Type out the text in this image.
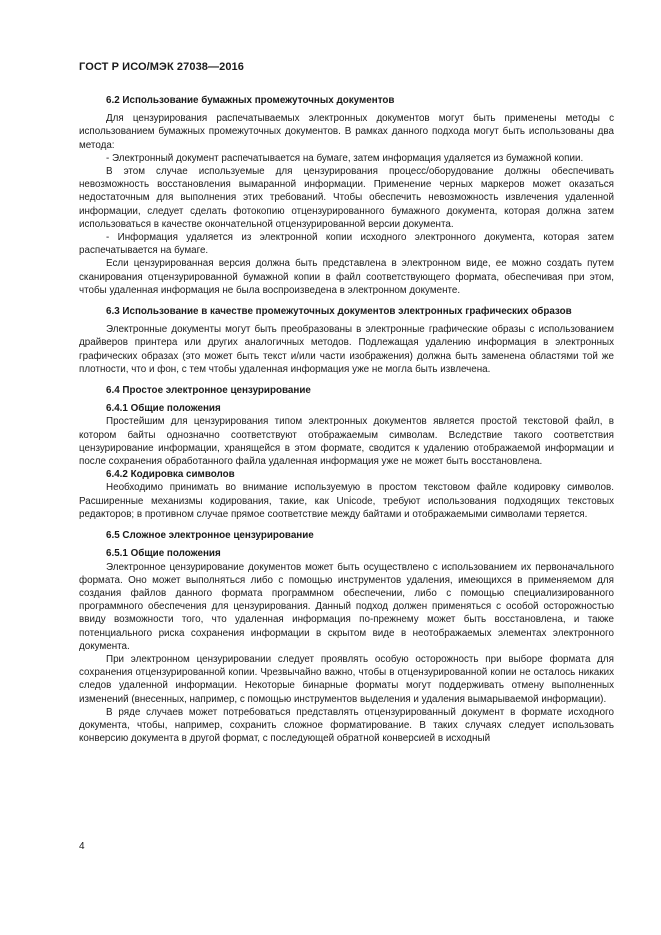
ГОСТ Р ИСО/МЭК 27038—2016

6.2 Использование бумажных промежуточных документов

Для цензурирования распечатываемых электронных документов могут быть применены методы с использованием бумажных промежуточных документов. В рамках данного подхода могут быть использованы два метода:

- Электронный документ распечатывается на бумаге, затем информация удаляется из бумажной копии.

В этом случае используемые для цензурирования процесс/оборудование должны обеспечивать невозможность восстановления вымаранной информации. Применение черных маркеров может оказаться недостаточным для выполнения этих требований. Чтобы обеспечить невозможность извлечения удаленной информации, следует сделать фотокопию отцензурированного бумажного документа, которая должна затем использоваться в качестве окончательной отцензурированной версии документа.

- Информация удаляется из электронной копии исходного электронного документа, которая затем распечатывается на бумаге.

Если цензурированная версия должна быть представлена в электронном виде, ее можно создать путем сканирования отцензурированной бумажной копии в файл соответствующего формата, обеспечивая при этом, чтобы удаленная информация не была воспроизведена в электронном документе.

6.3 Использование в качестве промежуточных документов электронных графических образов

Электронные документы могут быть преобразованы в электронные графические образы с использованием драйверов принтера или других аналогичных методов. Подлежащая удалению информация в электронных графических образах (это может быть текст и/или части изображения) должна быть заменена областями той же плотности, что и фон, с тем чтобы удаленная информация уже не могла быть извлечена.

6.4 Простое электронное цензурирование

6.4.1 Общие положения

Простейшим для цензурирования типом электронных документов является простой текстовой файл, в котором байты однозначно соответствуют отображаемым символам. Вследствие такого соответствия цензурирование информации, хранящейся в этом формате, сводится к удалению отображаемой информации и после сохранения обработанного файла удаленная информация уже не может быть восстановлена.

6.4.2 Кодировка символов

Необходимо принимать во внимание используемую в простом текстовом файле кодировку символов. Расширенные механизмы кодирования, такие, как Unicode, требуют использования подходящих текстовых редакторов; в противном случае прямое соответствие между байтами и отображаемыми символами теряется.

6.5 Сложное электронное цензурирование

6.5.1 Общие положения

Электронное цензурирование документов может быть осуществлено с использованием их первоначального формата. Оно может выполняться либо с помощью инструментов удаления, имеющихся в применяемом для создания файлов данного формата программном обеспечении, либо с помощью специализированного программного обеспечения для цензурирования. Данный подход должен применяться с особой осторожностью ввиду возможности того, что удаленная информация по-прежнему может быть восстановлена, и также потенциального риска сохранения информации в скрытом виде в неотображаемых элементах электронного документа.

При электронном цензурировании следует проявлять особую осторожность при выборе формата для сохранения отцензурированной копии. Чрезвычайно важно, чтобы в отцензурированной копии не осталось никаких следов удаленной информации. Некоторые бинарные форматы могут поддерживать отмену выполненных изменений (внесенных, например, с помощью инструментов выделения и удаления вымарываемой информации).

В ряде случаев может потребоваться представлять отцензурированный документ в формате исходного документа, чтобы, например, сохранить сложное форматирование. В таких случаях следует использовать конверсию документа в другой формат, с последующей обратной конверсией в исходный

4
